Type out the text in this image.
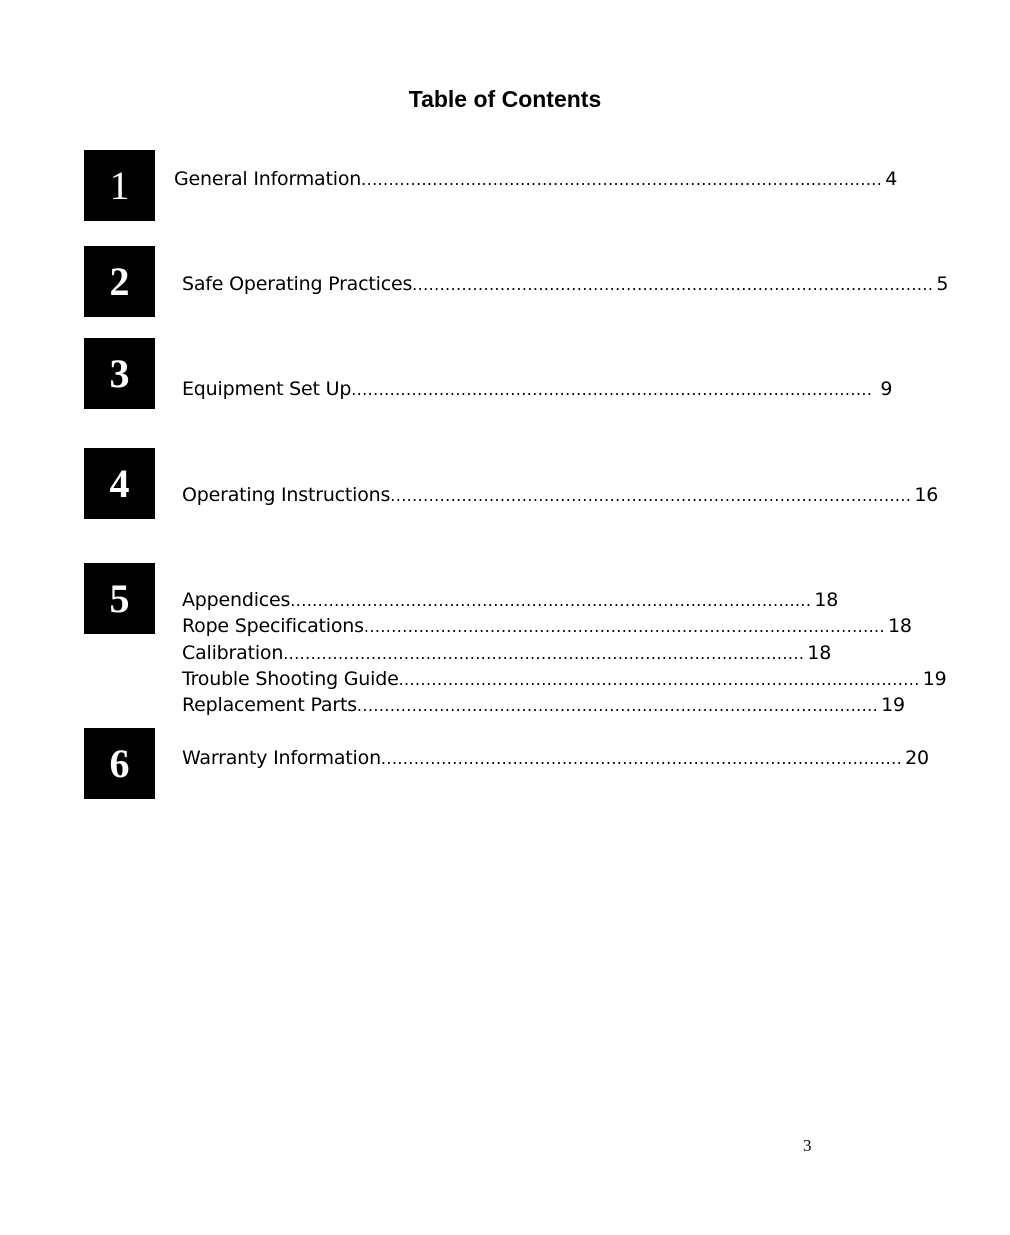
Table of Contents
1
2
3
4
5
6
General Information ............................................................................................... 4
Safe Operating Practices ............................................................................................... 5
Equipment Set Up ............................................................................................... 9
Operating Instructions ............................................................................................... 16
Appendices ............................................................................................... 18
Rope Specifications ............................................................................................... 18
Calibration ............................................................................................... 18
Trouble Shooting Guide ............................................................................................... 19
Replacement Parts ............................................................................................... 19
Warranty Information ............................................................................................... 20
3
